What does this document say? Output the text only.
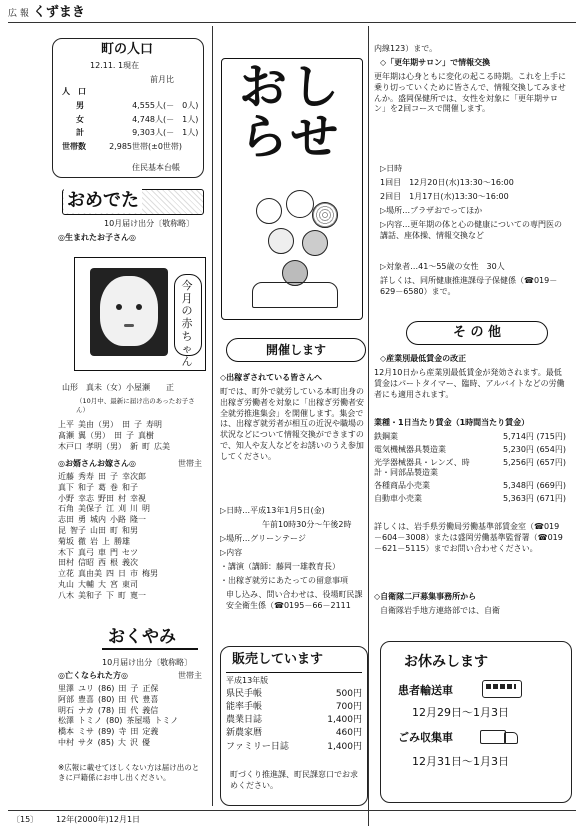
広 報 くずまき
町の人口
12.11. 1現在
前月比
人　口
男	4,555人 (－　0人)
女	4,748人 (－　1人)
計	9,303人 (－　1人)
世帯数	2,985世帯 (±0世帯)
住民基本台帳
おめでた
10月届け出分〔敬称略〕
◎生まれたお子さん◎
今月の赤ちゃん
山形　真未（女）小屋瀬　　正
（10月中、最新に届け出のあったお子さん）
上平 美由（男） 田 子 寿明
髙瀬 翼（男） 田 子 真樹
木戸口 孝明（男） 新 町 広美
◎お婿さんお嫁さん◎	世帯主
近藤 秀寿 田 子 幸次郎
真下 和子 葛 巻 和子
小野 幸志 野田 村 幸視
石角 美保子 江 刈 川 明
志田 勇 城内 小路 隆一
昆 智子 山田 町 和男
菊坂 徹 岩 上 勝雄
木下 真弓 車 門 セツ
田村 信昭 西 根 義次
立花 真由美 四 日 市 梅男
丸山 大輔 大 宮 東司
八木 美和子 下 町 寛一
おくやみ
10月届け出分〔敬称略〕
◎亡くなられた方◎	世帯主
里澤 ユリ (86) 田 子 正保
阿部 豊喜 (80) 田 代 豊喜
明石 ナカ (78) 田 代 義信
松澤 トミノ (80) 茶屋場 トミノ
橋本 ミサ (89) 寺 田 定義
中村 サタ (85) 大 沢 優
※広報に載せてほしくない方は届け出のときに戸籍係にお申し出ください。
おしらせ
開催します
◇出稼ぎされている皆さんへ
町では、町外で就労している本町出身の出稼ぎ労働者を対象に「出稼ぎ労働者安全就労推進集会」を開催します。集会では、出稼ぎ就労者が相互の近況や職場の状況などについて情報交換ができますので、知人や友人などをお誘いのうえ参加してください。
▷日時…平成13年1月5日(金)
午前10時30分～午後2時
▷場所…グリーンテージ
▷内容
・講演（講師：藤岡一雄教育長）
・出稼ぎ就労にあたっての留意事項
申し込み、問い合わせは、役場町民課安全衛生係（☎0195－66－2111
販売しています
平成13年版
県民手帳	500円
能率手帳	700円
農業日誌	1,400円
新農家暦	460円
ファミリー日誌	1,400円
町づくり推進課、町民課窓口でお求めください。
内線123）まで。
◇「更年期サロン」で情報交換
更年期は心身ともに変化の起こる時期。これを上手に乗り切っていくために皆さんで、情報交換してみませんか。盛岡保健所では、女性を対象に「更年期サロン」を2回コースで開催します。
▷日時
1回目　12月20日(水)13:30～16:00
2回目　1月17日(水)13:30～16:00
▷場所…プラザおでってほか
▷内容…更年期の体と心の健康についての専門医の講話、座体操、情報交換など
▷対象者…41～55歳の女性　30人
詳しくは、同所健康推進課母子保健係（☎019－629－6580）まで。
そ の 他
◇産業別最低賃金の改正
12月10日から産業別最低賃金が発効されます。最低賃金はパートタイマー、臨時、アルバイトなどの労働者にも適用されます。
業種・1日当たり賃金（1時間当たり賃金）
鉄鋼業	5,714円 (715円)
電気機械器具製造業	5,230円 (654円)
光学器械器具・レンズ、時計・同部品製造業
5,256円 (657円)
各種商品小売業	5,348円 (669円)
自動車小売業	5,363円 (671円)
詳しくは、岩手県労働局労働基準部賃金室（☎019－604－3008）または盛岡労働基準監督署（☎019－621－5115）までお問い合わせください。
◇自衛隊二戸募集事務所から
自衛隊岩手地方連絡部では、自衛
お休みします
患者輸送車
12月29日～1月3日
ごみ収集車
12月31日～1月3日
〔15〕 12年(2000年)12月1日
